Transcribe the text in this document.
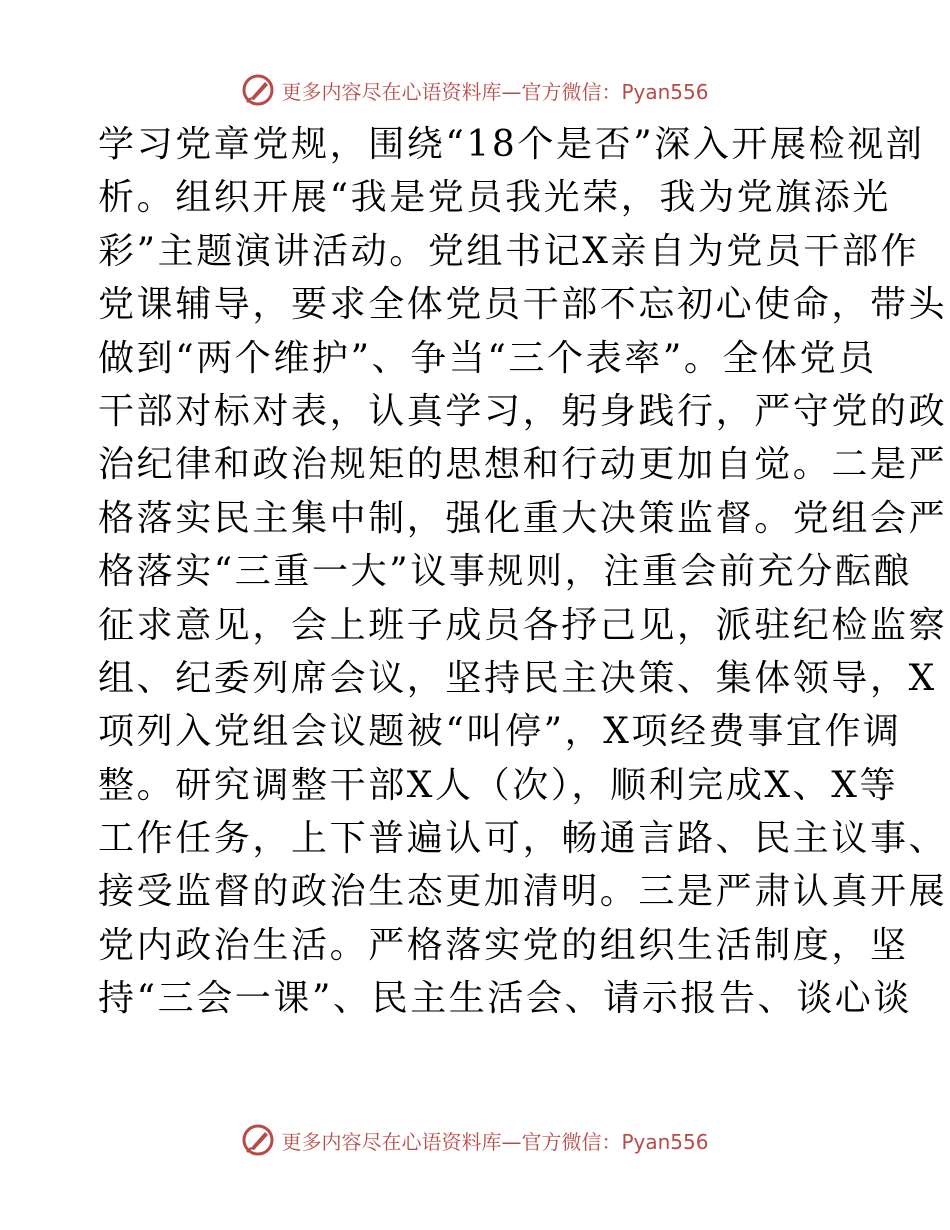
更多内容尽在心语资料库—官方微信：Pyan556
学习党章党规，围绕“18个是否”深入开展检视剖
析。组织开展“我是党员我光荣，我为党旗添光
彩”主题演讲活动。党组书记X亲自为党员干部作
党课辅导，要求全体党员干部不忘初心使命，带头
做到“两个维护”、争当“三个表率”。全体党员
干部对标对表，认真学习，躬身践行，严守党的政
治纪律和政治规矩的思想和行动更加自觉。二是严
格落实民主集中制，强化重大决策监督。党组会严
格落实“三重一大”议事规则，注重会前充分酝酿
征求意见，会上班子成员各抒己见，派驻纪检监察
组、纪委列席会议，坚持民主决策、集体领导，X
项列入党组会议题被“叫停”，X项经费事宜作调
整。研究调整干部X人（次），顺利完成X、X等
工作任务，上下普遍认可，畅通言路、民主议事、
接受监督的政治生态更加清明。三是严肃认真开展
党内政治生活。严格落实党的组织生活制度，坚
持“三会一课”、民主生活会、请示报告、谈心谈
更多内容尽在心语资料库—官方微信：Pyan556
